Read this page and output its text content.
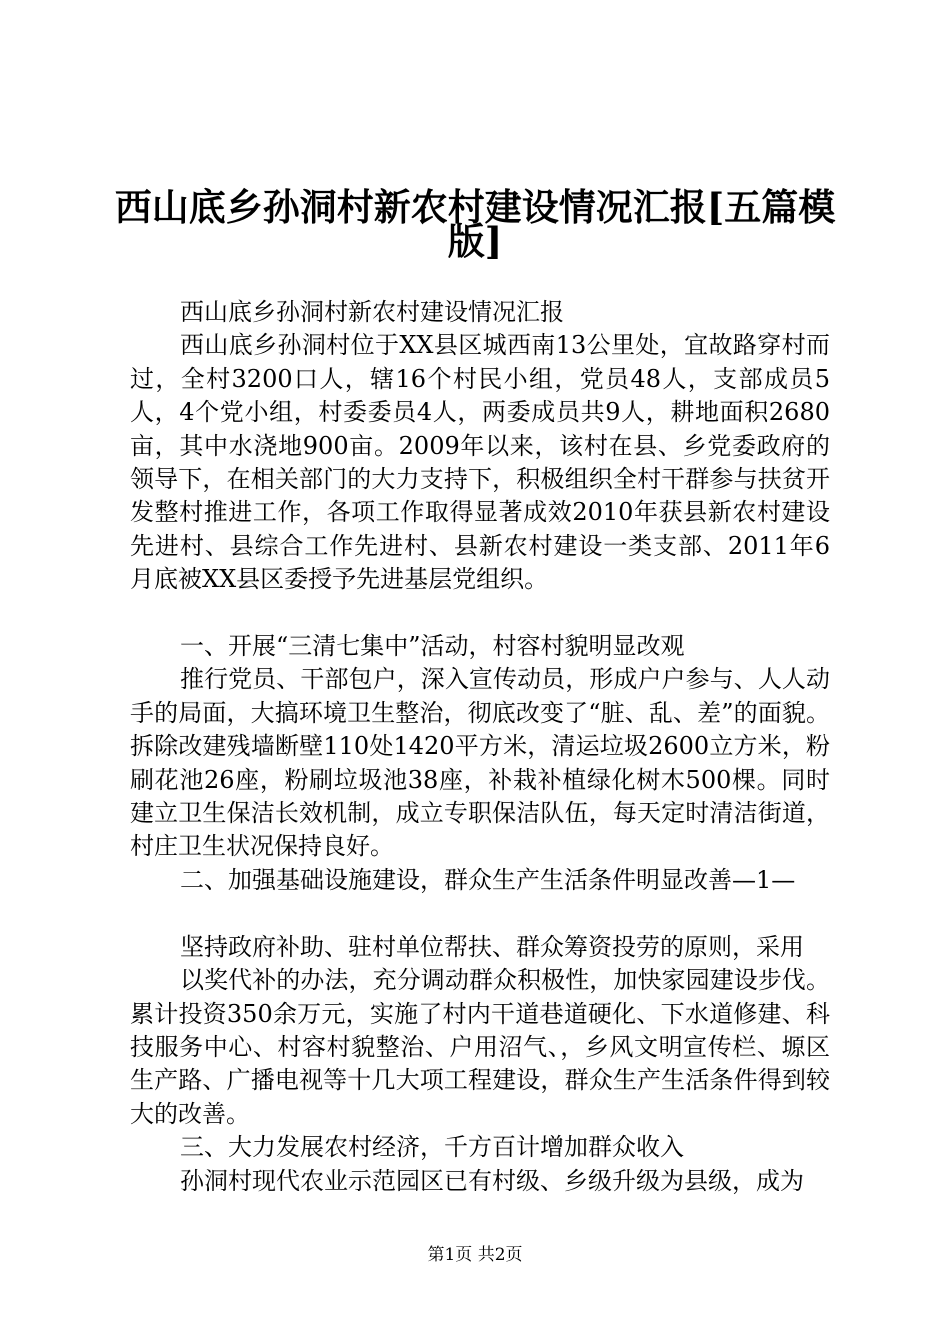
西山底乡孙洞村新农村建设情况汇报[五篇模
版]

西山底乡孙洞村新农村建设情况汇报

西山底乡孙洞村位于XX县区城西南13公里处，宜故路穿村而过，全村3200口人，辖16个村民小组，党员48人，支部成员5人，4个党小组，村委委员4人，两委成员共9人，耕地面积2680亩，其中水浇地900亩。2009年以来，该村在县、乡党委政府的领导下，在相关部门的大力支持下，积极组织全村干群参与扶贫开发整村推进工作，各项工作取得显著成效2010年获县新农村建设先进村、县综合工作先进村、县新农村建设一类支部、2011年6月底被XX县区委授予先进基层党组织。

一、开展“三清七集中”活动，村容村貌明显改观

推行党员、干部包户，深入宣传动员，形成户户参与、人人动手的局面，大搞环境卫生整治，彻底改变了“脏、乱、差”的面貌。拆除改建残墙断壁110处1420平方米，清运垃圾2600立方米，粉刷花池26座，粉刷垃圾池38座，补栽补植绿化树木500棵。同时建立卫生保洁长效机制，成立专职保洁队伍，每天定时清洁街道，村庄卫生状况保持良好。

二、加强基础设施建设，群众生产生活条件明显改善—1—

坚持政府补助、驻村单位帮扶、群众筹资投劳的原则，采用

以奖代补的办法，充分调动群众积极性，加快家园建设步伐。累计投资350余万元，实施了村内干道巷道硬化、下水道修建、科技服务中心、村容村貌整治、户用沼气、，乡风文明宣传栏、塬区生产路、广播电视等十几大项工程建设，群众生产生活条件得到较大的改善。

三、大力发展农村经济，千方百计增加群众收入

孙洞村现代农业示范园区已有村级、乡级升级为县级，成为

第1页 共2页
